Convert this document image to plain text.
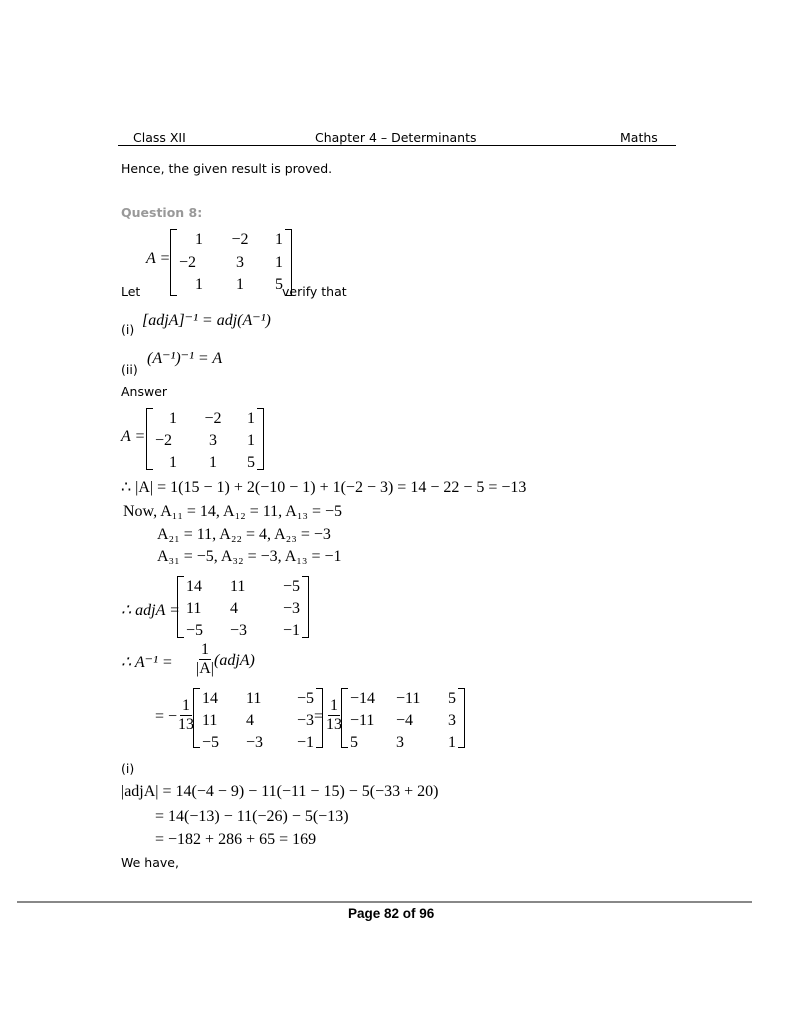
Class XII	Chapter 4 – Determinants	Maths
Hence, the given result is proved.
Question 8:
Let
A =
1	−2	1
−2	3	1
1	1	5 verify that
(i)
[adjA]⁻¹ = adj(A⁻¹)
(ii)
(A⁻¹)⁻¹ = A
Answer
A =
1	−2	1
−2	3	1
1	1	5
∴ |A| = 1(15 − 1) + 2(−10 − 1) + 1(−2 − 3) = 14 − 22 − 5 = −13
Now, A₁₁ = 14, A₁₂ = 11, A₁₃ = −5
A₂₁ = 11, A₂₂ = 4, A₂₃ = −3
A₃₁ = −5, A₃₂ = −3, A₁₃ = −1
∴ adjA =
14	11	−5
11	4	−3
−5	−3	−1
∴ $A^{-1} = \frac{1}{|A|}$ (adjA)
= − $\frac{1}{13} 14$	11	−5
11	4	−3
−5	−3	−1
= $\frac{1}{13} -14$	−11	5
−11	−4	3
5	3	1
(i)
|adjA| = 14(−4 − 9) − 11(−11 − 15) − 5(−33 + 20)
= 14(−13) − 11(−26) − 5(−13)
= −182 + 286 + 65 = 169
We have,
Page 82 of 96
